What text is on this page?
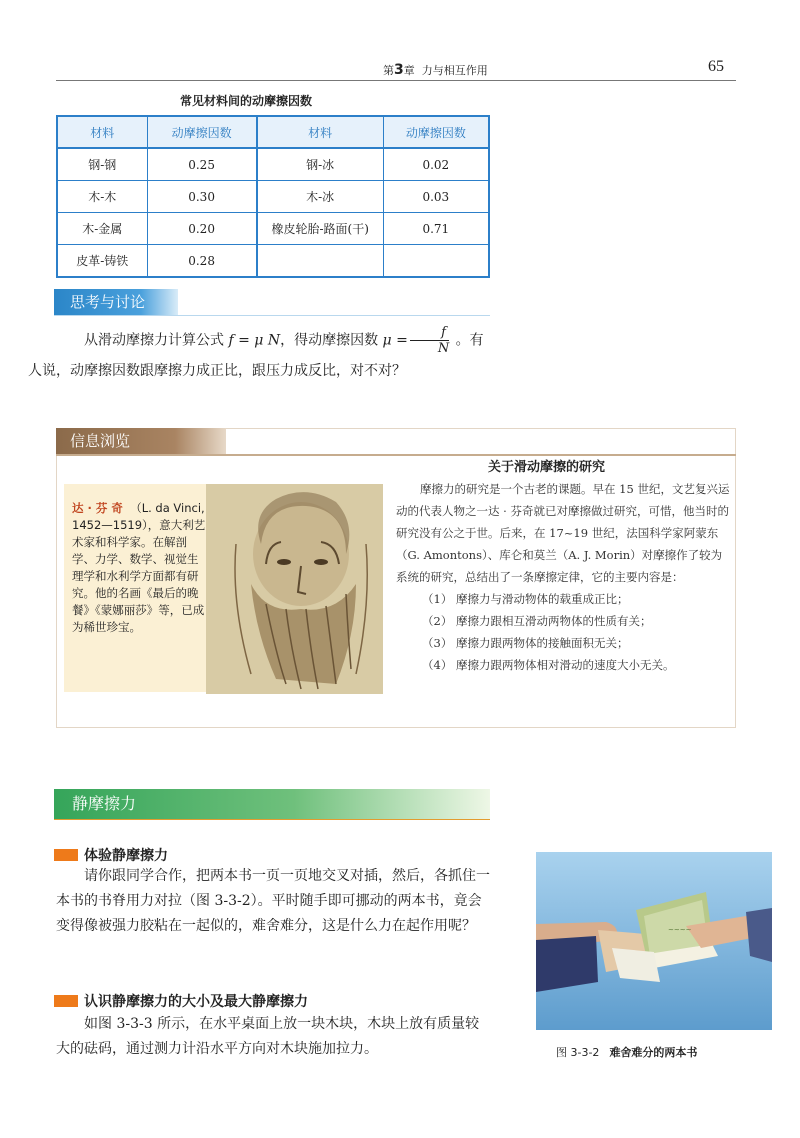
第3章 力与相互作用	65
常见材料间的动摩擦因数
材料	动摩擦因数	材料	动摩擦因数
钢-钢	0.25	钢-冰	0.02
木-木	0.30	木-冰	0.03
木-金属	0.20	橡皮轮胎-路面(干)	0.71
皮革-铸铁	0.28		
思考与讨论

从滑动摩擦力计算公式 f = μ N，得动摩擦因数 $\mu = \frac{f}{N}$ 。有
人说，动摩擦因数跟摩擦力成正比，跟压力成反比，对不对？

信息浏览
达 · 芬 奇 （L. da Vinci, 1452—1519），意大利艺术家和科学家。在解剖学、力学、数学、视觉生理学和水利学方面都有研究。他的名画《最后的晚餐》《蒙娜丽莎》等，已成为稀世珍宝。
关于滑动摩擦的研究

摩擦力的研究是一个古老的课题。早在 15 世纪，文艺复兴运动的代表人物之一达 · 芬奇就已对摩擦做过研究，可惜，他当时的研究没有公之于世。后来，在 17~19 世纪，法国科学家阿蒙东（G. Amontons）、库仑和莫兰（A. J. Morin）对摩擦作了较为系统的研究，总结出了一条摩擦定律，它的主要内容是：

（1） 摩擦力与滑动物体的载重成正比；
（2） 摩擦力跟相互滑动两物体的性质有关；
（3） 摩擦力跟两物体的接触面积无关；
（4） 摩擦力跟两物体相对滑动的速度大小无关。
静摩擦力
体验静摩擦力

请你跟同学合作，把两本书一页一页地交叉对插，然后，各抓住一本书的书脊用力对拉（图 3-3-2）。平时随手即可挪动的两本书，竟会变得像被强力胶粘在一起似的，难舍难分，这是什么力在起作用呢？

认识静摩擦力的大小及最大静摩擦力

如图 3-3-3 所示，在水平桌面上放一块木块，木块上放有质量较大的砝码，通过测力计沿水平方向对木块施加拉力。

~~~~
图 3-3-2 难舍难分的两本书
